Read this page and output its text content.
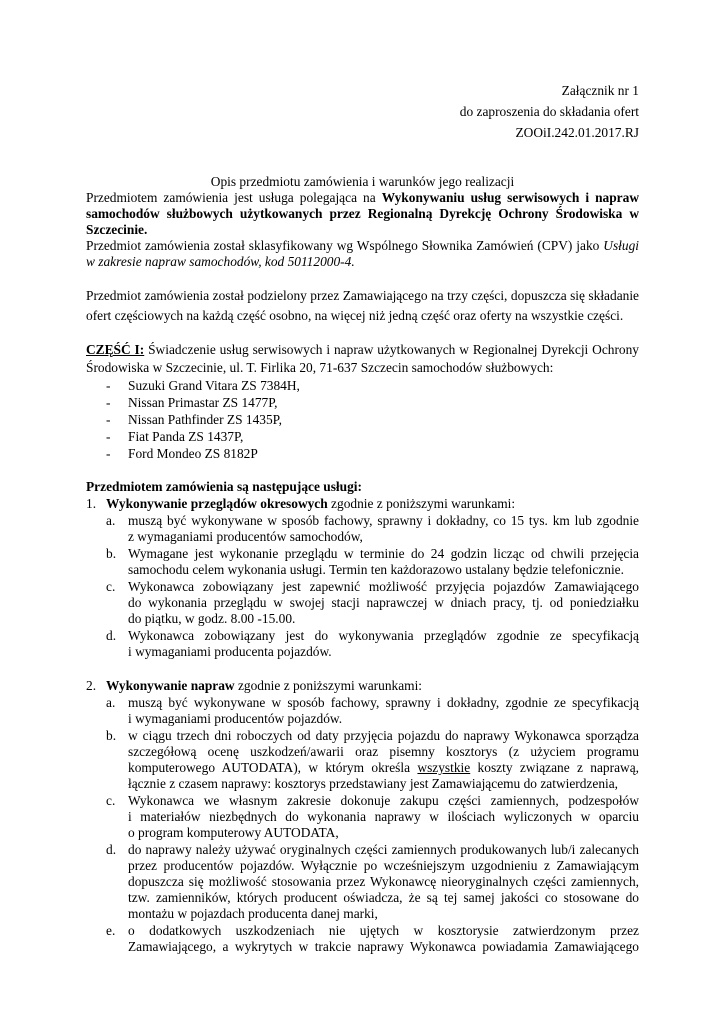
Załącznik nr 1
do zaproszenia do składania ofert
ZOOiI.242.01.2017.RJ
Opis przedmiotu zamówienia i warunków jego realizacji
Przedmiotem zamówienia jest usługa polegająca na Wykonywaniu usług serwisowych i napraw
samochodów służbowych użytkowanych przez Regionalną Dyrekcję Ochrony Środowiska w
Szczecinie.
Przedmiot zamówienia został sklasyfikowany wg Wspólnego Słownika Zamówień (CPV) jako Usługi
w zakresie napraw samochodów, kod 50112000-4.
Przedmiot zamówienia został podzielony przez Zamawiającego na trzy części, dopuszcza się składanie
ofert częściowych na każdą część osobno, na więcej niż jedną część oraz oferty na wszystkie części.
CZĘŚĆ I: Świadczenie usług serwisowych i napraw użytkowanych w Regionalnej Dyrekcji Ochrony
Środowiska w Szczecinie, ul. T. Firlika 20, 71-637 Szczecin samochodów służbowych:
- Suzuki Grand Vitara ZS 7384H,
- Nissan Primastar ZS 1477P,
- Nissan Pathfinder ZS 1435P,
- Fiat Panda ZS 1437P,
- Ford Mondeo ZS 8182P
Przedmiotem zamówienia są następujące usługi:
1. Wykonywanie przeglądów okresowych zgodnie z poniższymi warunkami:
a. muszą być wykonywane w sposób fachowy, sprawny i dokładny, co 15 tys. km lub zgodnie
z wymaganiami producentów samochodów,
b. Wymagane jest wykonanie przeglądu w terminie do 24 godzin licząc od chwili przejęcia
samochodu celem wykonania usługi. Termin ten każdorazowo ustalany będzie telefonicznie.
c. Wykonawca zobowiązany jest zapewnić możliwość przyjęcia pojazdów Zamawiającego
do wykonania przeglądu w swojej stacji naprawczej w dniach pracy, tj. od poniedziałku
do piątku, w godz. 8.00 -15.00.
d. Wykonawca zobowiązany jest do wykonywania przeglądów zgodnie ze specyfikacją
i wymaganiami producenta pojazdów.
2. Wykonywanie napraw zgodnie z poniższymi warunkami:
a. muszą być wykonywane w sposób fachowy, sprawny i dokładny, zgodnie ze specyfikacją
i wymaganiami producentów pojazdów.
b. w ciągu trzech dni roboczych od daty przyjęcia pojazdu do naprawy Wykonawca sporządza
szczegółową ocenę uszkodzeń/awarii oraz pisemny kosztorys (z użyciem programu
komputerowego AUTODATA), w którym określa wszystkie koszty związane z naprawą,
łącznie z czasem naprawy: kosztorys przedstawiany jest Zamawiającemu do zatwierdzenia,
c. Wykonawca we własnym zakresie dokonuje zakupu części zamiennych, podzespołów
i materiałów niezbędnych do wykonania naprawy w ilościach wyliczonych w oparciu
o program komputerowy AUTODATA,
d. do naprawy należy używać oryginalnych części zamiennych produkowanych lub/i zalecanych
przez producentów pojazdów. Wyłącznie po wcześniejszym uzgodnieniu z Zamawiającym
dopuszcza się możliwość stosowania przez Wykonawcę nieoryginalnych części zamiennych,
tzw. zamienników, których producent oświadcza, że są tej samej jakości co stosowane do
montażu w pojazdach producenta danej marki,
e. o dodatkowych uszkodzeniach nie ujętych w kosztorysie zatwierdzonym przez
Zamawiającego, a wykrytych w trakcie naprawy Wykonawca powiadamia Zamawiającego
